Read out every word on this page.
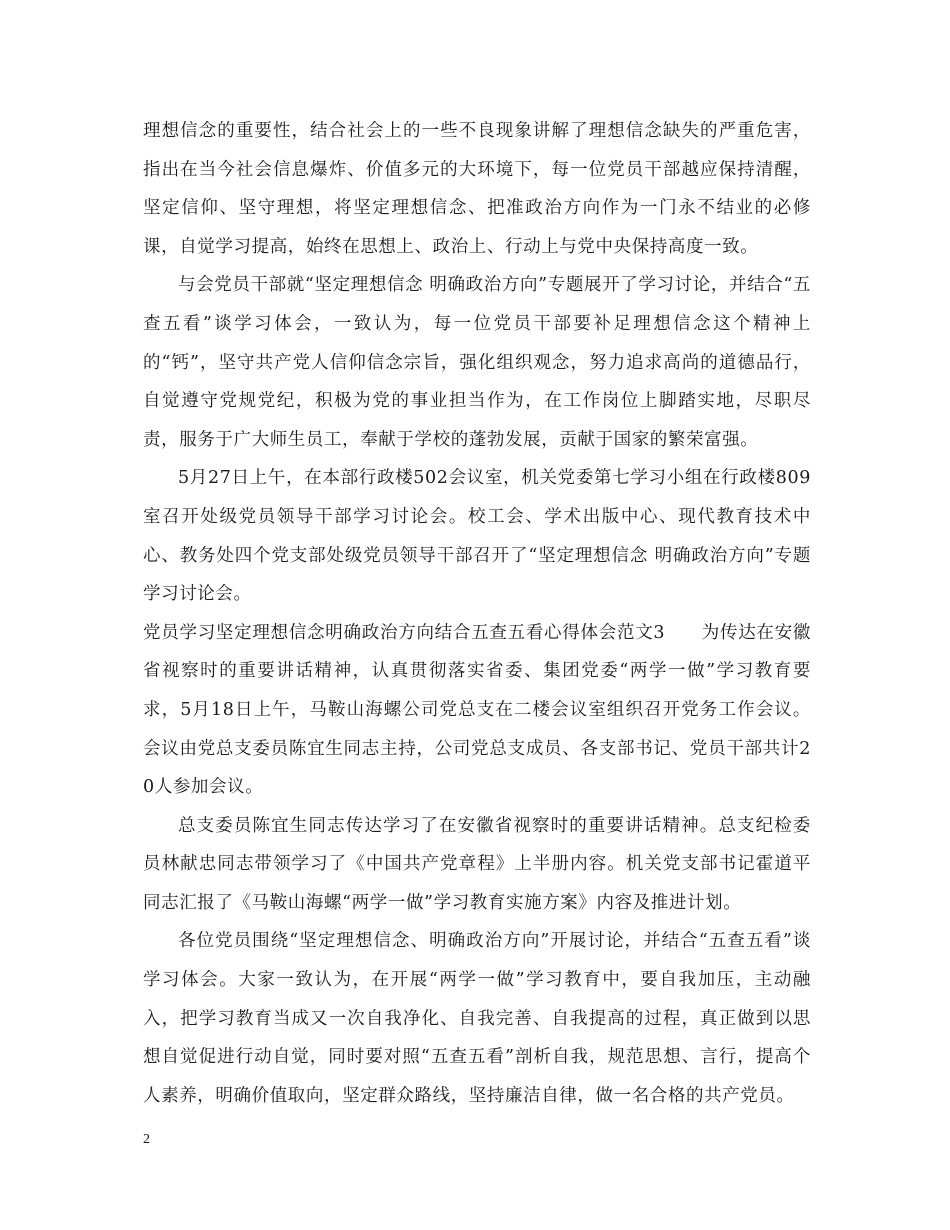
理想信念的重要性，结合社会上的一些不良现象讲解了理想信念缺失的严重危害，指出在当今社会信息爆炸、价值多元的大环境下，每一位党员干部越应保持清醒，坚定信仰、坚守理想，将坚定理想信念、把准政治方向作为一门永不结业的必修课，自觉学习提高，始终在思想上、政治上、行动上与党中央保持高度一致。

与会党员干部就“坚定理想信念 明确政治方向”专题展开了学习讨论，并结合“五查五看”谈学习体会，一致认为，每一位党员干部要补足理想信念这个精神上的“钙”，坚守共产党人信仰信念宗旨，强化组织观念，努力追求高尚的道德品行，自觉遵守党规党纪，积极为党的事业担当作为，在工作岗位上脚踏实地，尽职尽责，服务于广大师生员工，奉献于学校的蓬勃发展，贡献于国家的繁荣富强。

5月27日上午，在本部行政楼502会议室，机关党委第七学习小组在行政楼809室召开处级党员领导干部学习讨论会。校工会、学术出版中心、现代教育技术中心、教务处四个党支部处级党员领导干部召开了“坚定理想信念 明确政治方向”专题学习讨论会。

党员学习坚定理想信念明确政治方向结合五查五看心得体会范文3　　为传达在安徽省视察时的重要讲话精神，认真贯彻落实省委、集团党委“两学一做”学习教育要求，5月18日上午，马鞍山海螺公司党总支在二楼会议室组织召开党务工作会议。会议由党总支委员陈宜生同志主持，公司党总支成员、各支部书记、党员干部共计20人参加会议。

总支委员陈宜生同志传达学习了在安徽省视察时的重要讲话精神。总支纪检委员林献忠同志带领学习了《中国共产党章程》上半册内容。机关党支部书记霍道平同志汇报了《马鞍山海螺“两学一做”学习教育实施方案》内容及推进计划。

各位党员围绕“坚定理想信念、明确政治方向”开展讨论，并结合“五查五看”谈学习体会。大家一致认为，在开展“两学一做”学习教育中，要自我加压，主动融入，把学习教育当成又一次自我净化、自我完善、自我提高的过程，真正做到以思想自觉促进行动自觉，同时要对照“五查五看”剖析自我，规范思想、言行，提高个人素养，明确价值取向，坚定群众路线，坚持廉洁自律，做一名合格的共产党员。

2
